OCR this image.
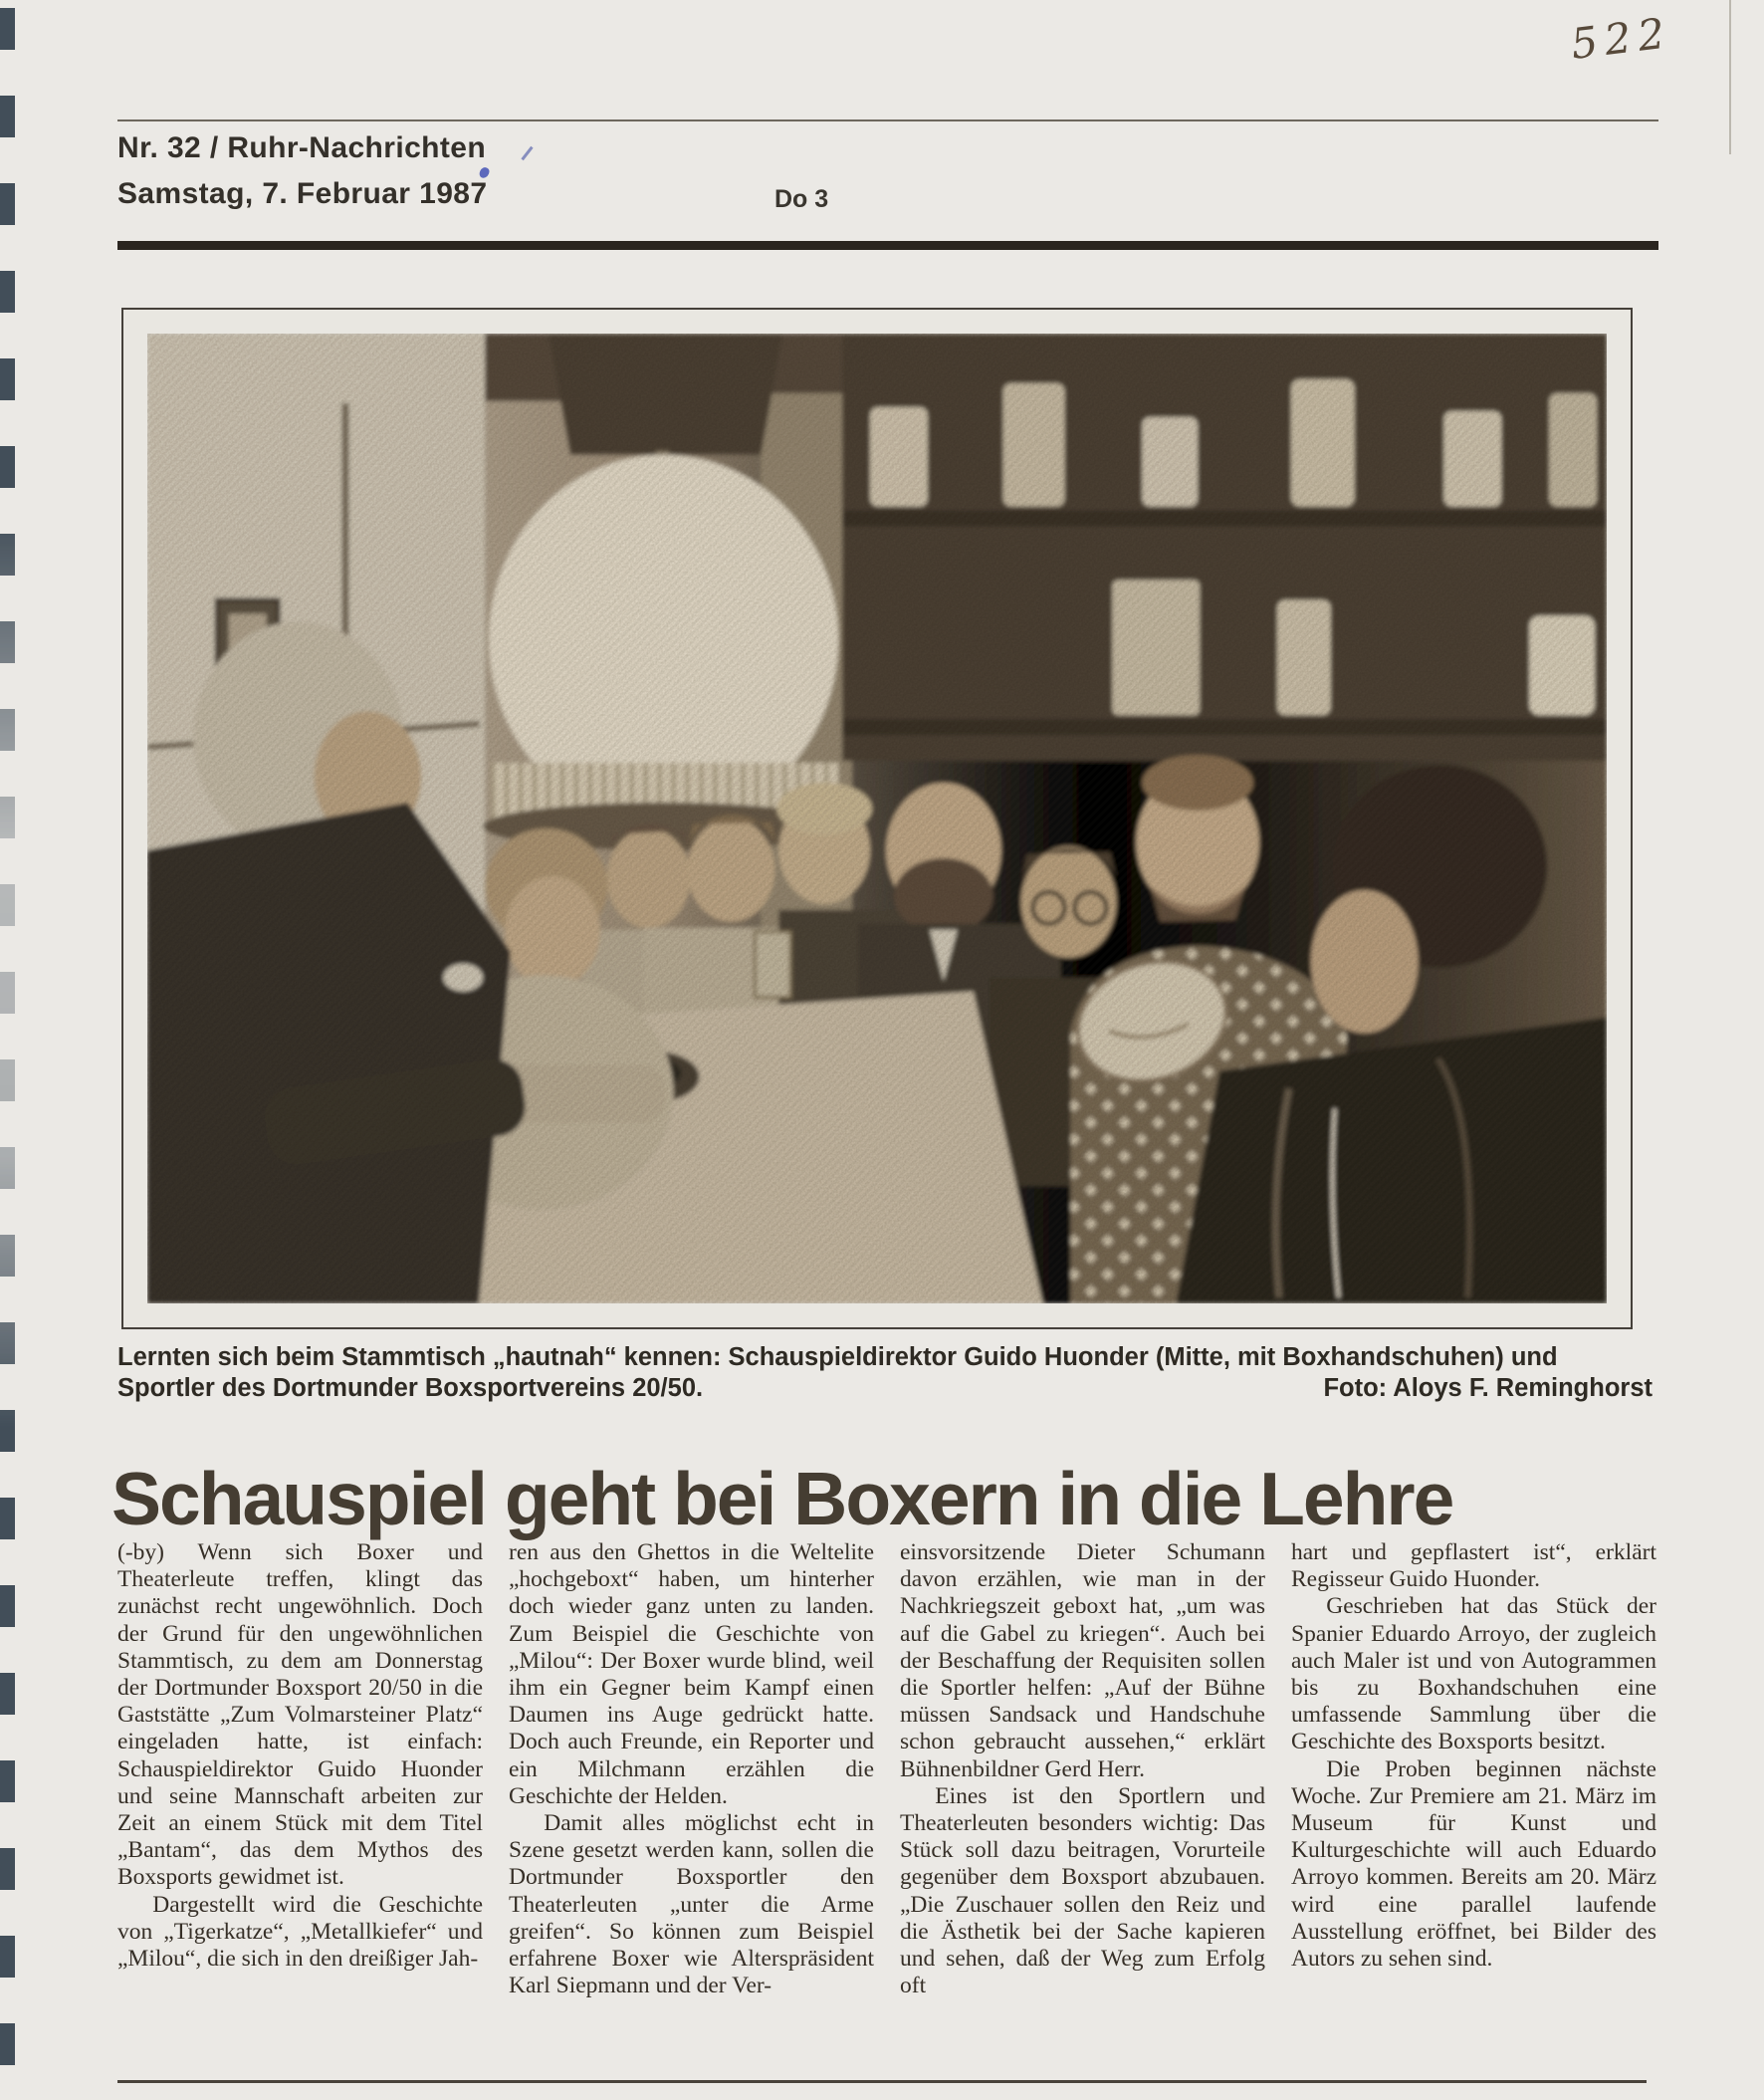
522
Nr. 32 / Ruhr-Nachrichten
Samstag, 7. Februar 1987	Do 3
Lernten sich beim Stammtisch „hautnah“ kennen: Schauspieldirektor Guido Huonder (Mitte, mit Boxhandschuhen) und
Sportler des Dortmunder Boxsportvereins 20/50.	Foto: Aloys F. Reminghorst
Schauspiel geht bei Boxern in die Lehre

(-by) Wenn sich Boxer und Theaterleute treffen, klingt das zunächst recht ungewöhnlich. Doch der Grund für den ungewöhnlichen Stammtisch, zu dem am Donnerstag der Dortmunder Boxsport 20/50 in die Gaststätte „Zum Volmarsteiner Platz“ eingeladen hatte, ist einfach: Schauspieldirektor Guido Huonder und seine Mannschaft arbeiten zur Zeit an einem Stück mit dem Titel „Bantam“, das dem Mythos des Boxsports gewidmet ist.

Dargestellt wird die Geschichte von „Tigerkatze“, „Metallkiefer“ und „Milou“, die sich in den dreißiger Jah-

ren aus den Ghettos in die Weltelite „hochgeboxt“ haben, um hinterher doch wieder ganz unten zu landen. Zum Beispiel die Geschichte von „Milou“: Der Boxer wurde blind, weil ihm ein Gegner beim Kampf einen Daumen ins Auge gedrückt hatte. Doch auch Freunde, ein Reporter und ein Milchmann erzählen die Geschichte der Helden.

Damit alles möglichst echt in Szene gesetzt werden kann, sollen die Dortmunder Boxsportler den Theaterleuten „unter die Arme greifen“. So können zum Beispiel erfahrene Boxer wie Alterspräsident Karl Siepmann und der Ver-

einsvorsitzende Dieter Schumann davon erzählen, wie man in der Nachkriegszeit geboxt hat, „um was auf die Gabel zu kriegen“. Auch bei der Beschaffung der Requisiten sollen die Sportler helfen: „Auf der Bühne müssen Sandsack und Handschuhe schon gebraucht aussehen,“ erklärt Bühnenbildner Gerd Herr.

Eines ist den Sportlern und Theaterleuten besonders wichtig: Das Stück soll dazu beitragen, Vorurteile gegenüber dem Boxsport abzubauen. „Die Zuschauer sollen den Reiz und die Ästhetik bei der Sache kapieren und sehen, daß der Weg zum Erfolg oft

hart und gepflastert ist“, erklärt Regisseur Guido Huonder.

Geschrieben hat das Stück der Spanier Eduardo Arroyo, der zugleich auch Maler ist und von Autogrammen bis zu Boxhandschuhen eine umfassende Sammlung über die Geschichte des Boxsports besitzt.

Die Proben beginnen nächste Woche. Zur Premiere am 21. März im Museum für Kunst und Kulturgeschichte will auch Eduardo Arroyo kommen. Bereits am 20. März wird eine parallel laufende Ausstellung eröffnet, bei Bilder des Autors zu sehen sind.
